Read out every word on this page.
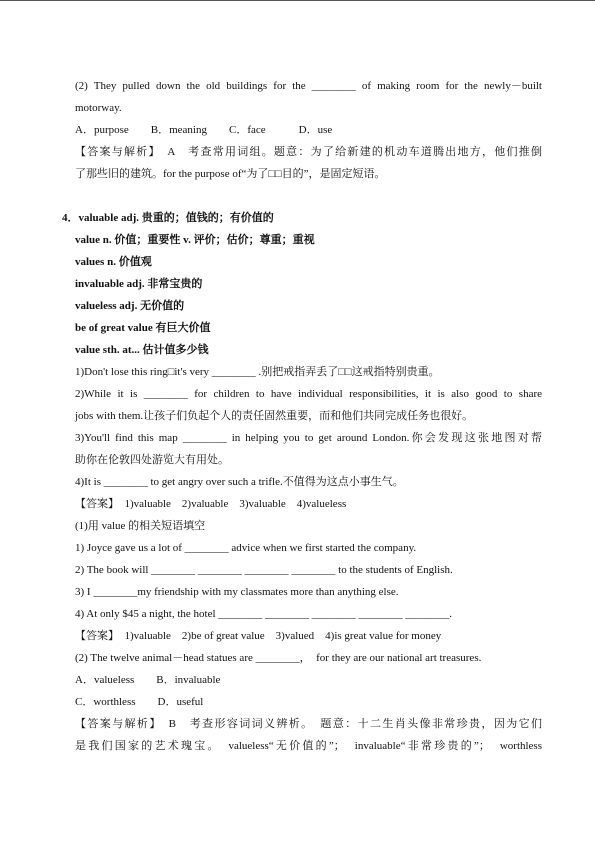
(2) They pulled down the old buildings for the ________ of making room for the newly－built
motorway.
A．purpose　　B．meaning　　C．face　　　D．use
【答案与解析】　A　考查常用词组。题意：为了给新建的机动车道腾出地方，他们推倒
了那些旧的建筑。for the purpose of“为了□□目的”，是固定短语。
4．valuable adj. 贵重的；值钱的；有价值的
value n. 价值；重要性 v. 评价；估价；尊重；重视
values n. 价值观
invaluable adj. 非常宝贵的
valueless adj. 无价值的
be of great value 有巨大价值
value sth. at... 估计值多少钱
1)Don't lose this ring□it's very ________ .别把戒指弄丢了□□这戒指特别贵重。
2)While it is ________ for children to have individual responsibilities, it is also good to share
jobs with them.让孩子们负起个人的责任固然重要，而和他们共同完成任务也很好。
3)You'll find this map ________ in helping you to get around London.你会发现这张地图对帮
助你在伦敦四处游览大有用处。
4)It is ________ to get angry over such a trifle.不值得为这点小事生气。
【答案】　1)valuable　2)valuable　3)valuable　4)valueless
(1)用 value 的相关短语填空
1) Joyce gave us a lot of ________ advice when we first started the company.
2) The book will ________ ________ ________ ________ to the students of English.
3) I ________my friendship with my classmates more than anything else.
4) At only $45 a night, the hotel ________ ________ ________ ________ ________.
【答案】　1)valuable　2)be of great value　3)valued　4)is great value for money
(2) The twelve animal－head statues are ________，　for they are our national art treasures.
A．valueless　　B．invaluable
C．worthless　　D．useful
【答案与解析】　B　考查形容词词义辨析。　题意：十二生肖头像非常珍贵，因为它们
是我们国家的艺术瑰宝。　valueless“无价值的”；　invaluable“非常珍贵的”；　worthless
